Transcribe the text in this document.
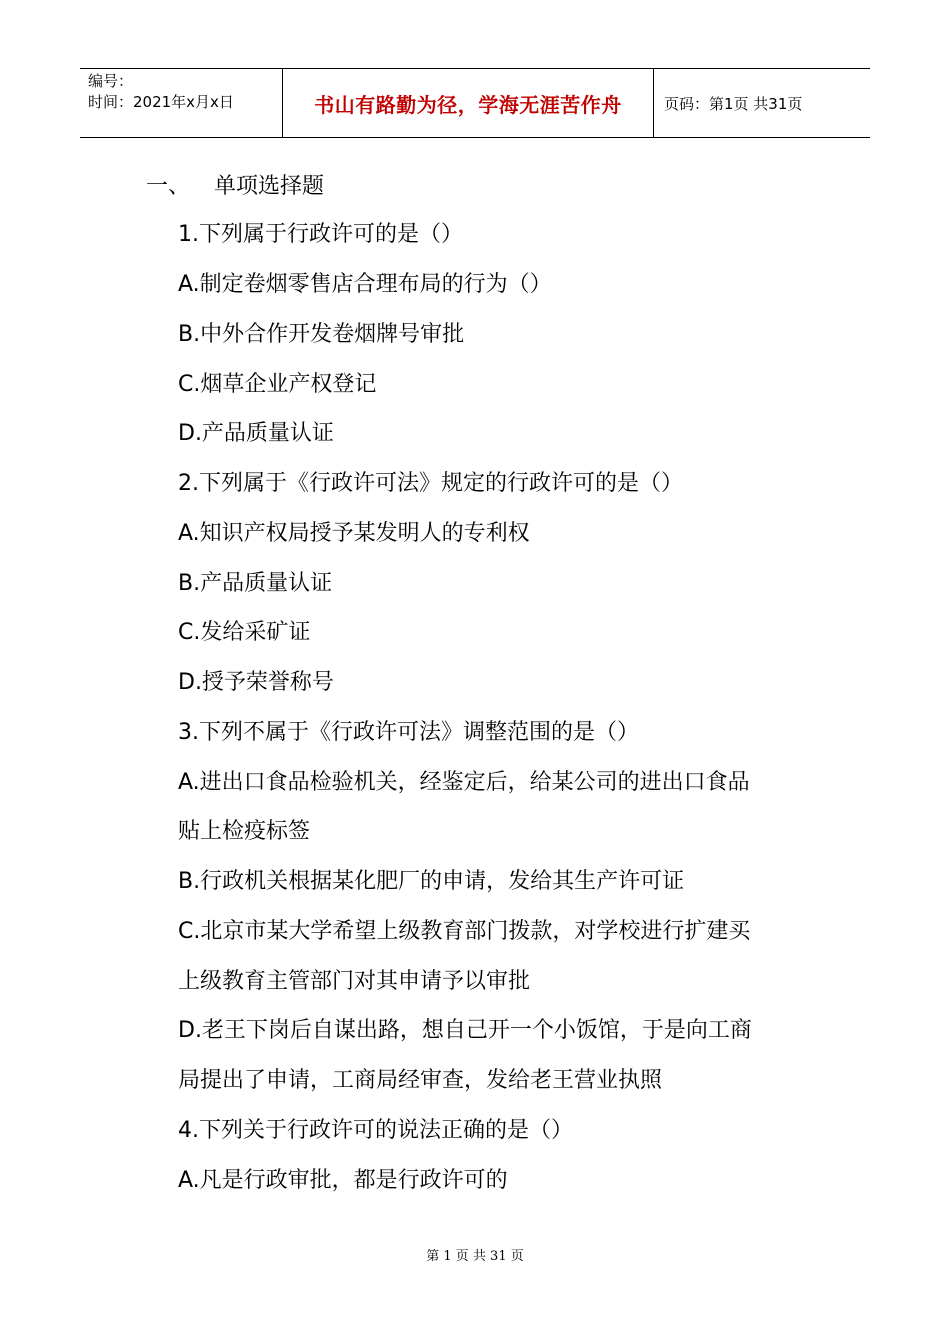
编号：
时间：2021年x月x日	书山有路勤为径，学海无涯苦作舟	页码：第1页 共31页
一、 单项选择题
1.下列属于行政许可的是（）
A.制定卷烟零售店合理布局的行为（）
B.中外合作开发卷烟牌号审批
C.烟草企业产权登记
D.产品质量认证
2.下列属于《行政许可法》规定的行政许可的是（）
A.知识产权局授予某发明人的专利权
B.产品质量认证
C.发给采矿证
D.授予荣誉称号
3.下列不属于《行政许可法》调整范围的是（）
A.进出口食品检验机关，经鉴定后，给某公司的进出口食品
贴上检疫标签
B.行政机关根据某化肥厂的申请，发给其生产许可证
C.北京市某大学希望上级教育部门拨款，对学校进行扩建买
上级教育主管部门对其申请予以审批
D.老王下岗后自谋出路，想自己开一个小饭馆，于是向工商
局提出了申请，工商局经审查，发给老王营业执照
4.下列关于行政许可的说法正确的是（）
A.凡是行政审批，都是行政许可的
第 1 页 共 31 页
